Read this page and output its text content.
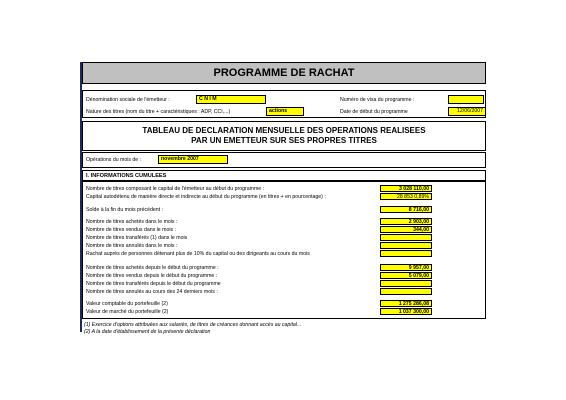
PROGRAMME DE RACHAT
Dénomination sociale de l'émetteur :	C N I M	Numéro de visa du programme :
Nature des titres (nom du titre + caractéristiques : ADP, CCI,...)	actions	Date de début du programme	12/06/2007
TABLEAU DE DECLARATION MENSUELLE DES OPERATIONS REALISEES
PAR UN EMETTEUR SUR SES PROPRES TITRES
Opérations du mois de :	novembre 2007
I. INFORMATIONS CUMULEES
Nombre de titres composant le capital de l'émetteur au début du programme :	3 028 110,00
Capital autodétenu de manière directe et indirecte au début du programme (en titres + en pourcentage) :	28 853 0,89%
Solde à la fin du mois précédent :	8 716,00
Nombre de titres achetés dans le mois :	2 903,00
Nombre de titres vendus dans le mois :	344,00
Nombre de titres transférés (1) dans le mois
Nombre de titres annulés dans le mois :
Rachat auprès de personnes détenant plus de 10% du capital ou des dirigeants au cours du mois
Nombre de titres achetés depuis le début du programme :	9 957,00
Nombre de titres vendus depuis le début du programme :	5 079,00
Nombre de titres transférés depuis le début du programme
Nombre de titres annulés au cours des 24 derniers mois :
Valeur comptable du portefeuille (2)	1 275 286,08
Valeur de marché du portefeuille (2)	1 037 300,00
(1) Exercice d'options attribuées aux salariés, de titres de créances donnant accès au capital...
(2) A la date d'établissement de la présente déclaration
